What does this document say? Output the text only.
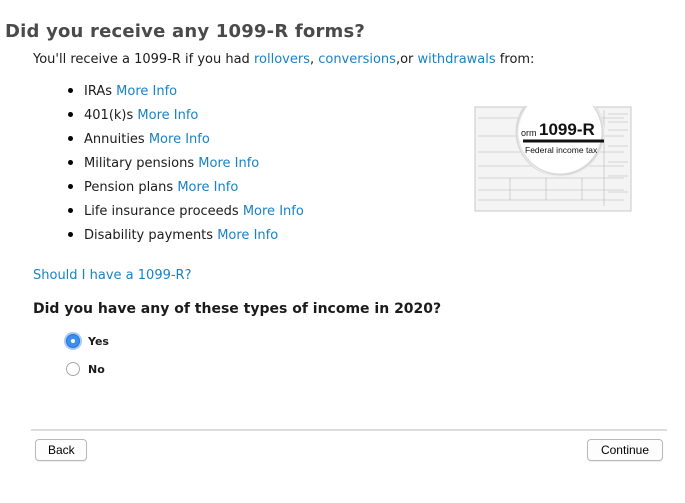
Did you receive any 1099-R forms?
You'll receive a 1099-R if you had rollovers, conversions,or withdrawals from:
IRAs More Info
401(k)s More Info
Annuities More Info
Military pensions More Info
Pension plans More Info
Life insurance proceeds More Info
Disability payments More Info
orm 1099-R
Federal income tax
Should I have a 1099-R?
Did you have any of these types of income in 2020?
Yes
No
Back	Continue
